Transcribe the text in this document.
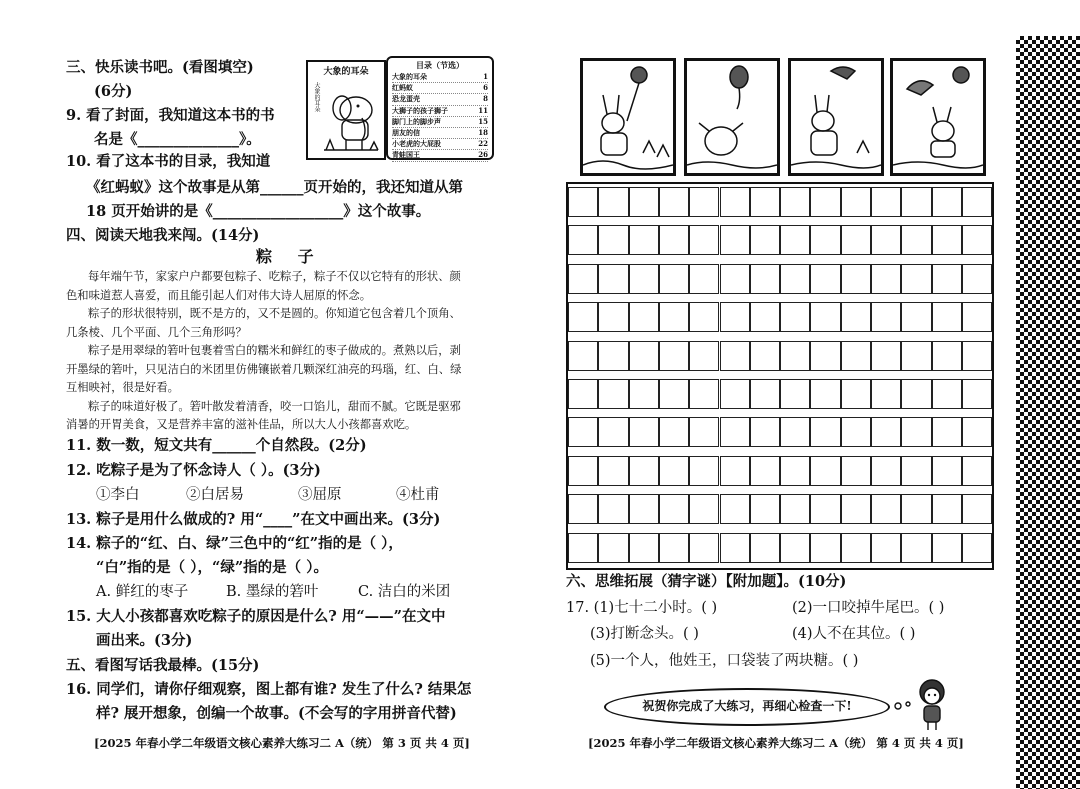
三、快乐读书吧。(看图填空)
(6分)
9. 看了封面，我知道这本书的书
名是《______________》。
10. 看了这本书的目录，我知道
《红蚂蚁》这个故事是从第______页开始的，我还知道从第
18 页开始讲的是《__________________》这个故事。
大象的耳朵
大象的耳朵
目录（节选）
大象的耳朵	1
红蚂蚁	6
恐龙蛋壳	8
大狮子的孩子狮子	11
脚门上的脚步声	15
朋友的信	18
小老虎的大屁股	22
青蛙国王	26
四、阅读天地我来闯。(14分)
粽 子
每年端午节，家家户户都要包粽子、吃粽子，粽子不仅以它特有的形状、颜
色和味道惹人喜爱，而且能引起人们对伟大诗人屈原的怀念。
粽子的形状很特别，既不是方的，又不是圆的。你知道它包含着几个顶角、
几条棱、几个平面、几个三角形吗？
粽子是用翠绿的箬叶包裹着雪白的糯米和鲜红的枣子做成的。煮熟以后，剥
开墨绿的箬叶，只见洁白的米团里仿佛镶嵌着几颗深红油亮的玛瑙，红、白、绿
互相映衬，很是好看。
粽子的味道好极了。箬叶散发着清香，咬一口馅儿，甜而不腻。它既是驱邪
消暑的开胃美食，又是营养丰富的滋补佳品，所以大人小孩都喜欢吃。
11. 数一数，短文共有______个自然段。(2分)
12. 吃粽子是为了怀念诗人（ ）。(3分)
①李白	②白居易	③屈原	④杜甫
13. 粽子是用什么做成的? 用“____”在文中画出来。(3分)
14. 粽子的“红、白、绿”三色中的“红”指的是（ ），
“白”指的是（ ），“绿”指的是（ ）。
A. 鲜红的枣子	B. 墨绿的箬叶	C. 洁白的米团
15. 大人小孩都喜欢吃粽子的原因是什么? 用“——”在文中
画出来。(3分)
五、看图写话我最棒。(15分)
16. 同学们，请你仔细观察，图上都有谁? 发生了什么? 结果怎
样? 展开想象，创编一个故事。(不会写的字用拼音代替)
[2025 年春小学二年级语文核心素养大练习二 A（统） 第 3 页 共 4 页]
六、思维拓展（猜字谜）【附加题】。(10分)
17. (1)七十二小时。( )	(2)一口咬掉牛尾巴。( )
(3)打断念头。( )	(4)人不在其位。( )
(5)一个人，他姓王，口袋装了两块糖。( )
祝贺你完成了大练习，再细心检查一下!
[2025 年春小学二年级语文核心素养大练习二 A（统） 第 4 页 共 4 页]
